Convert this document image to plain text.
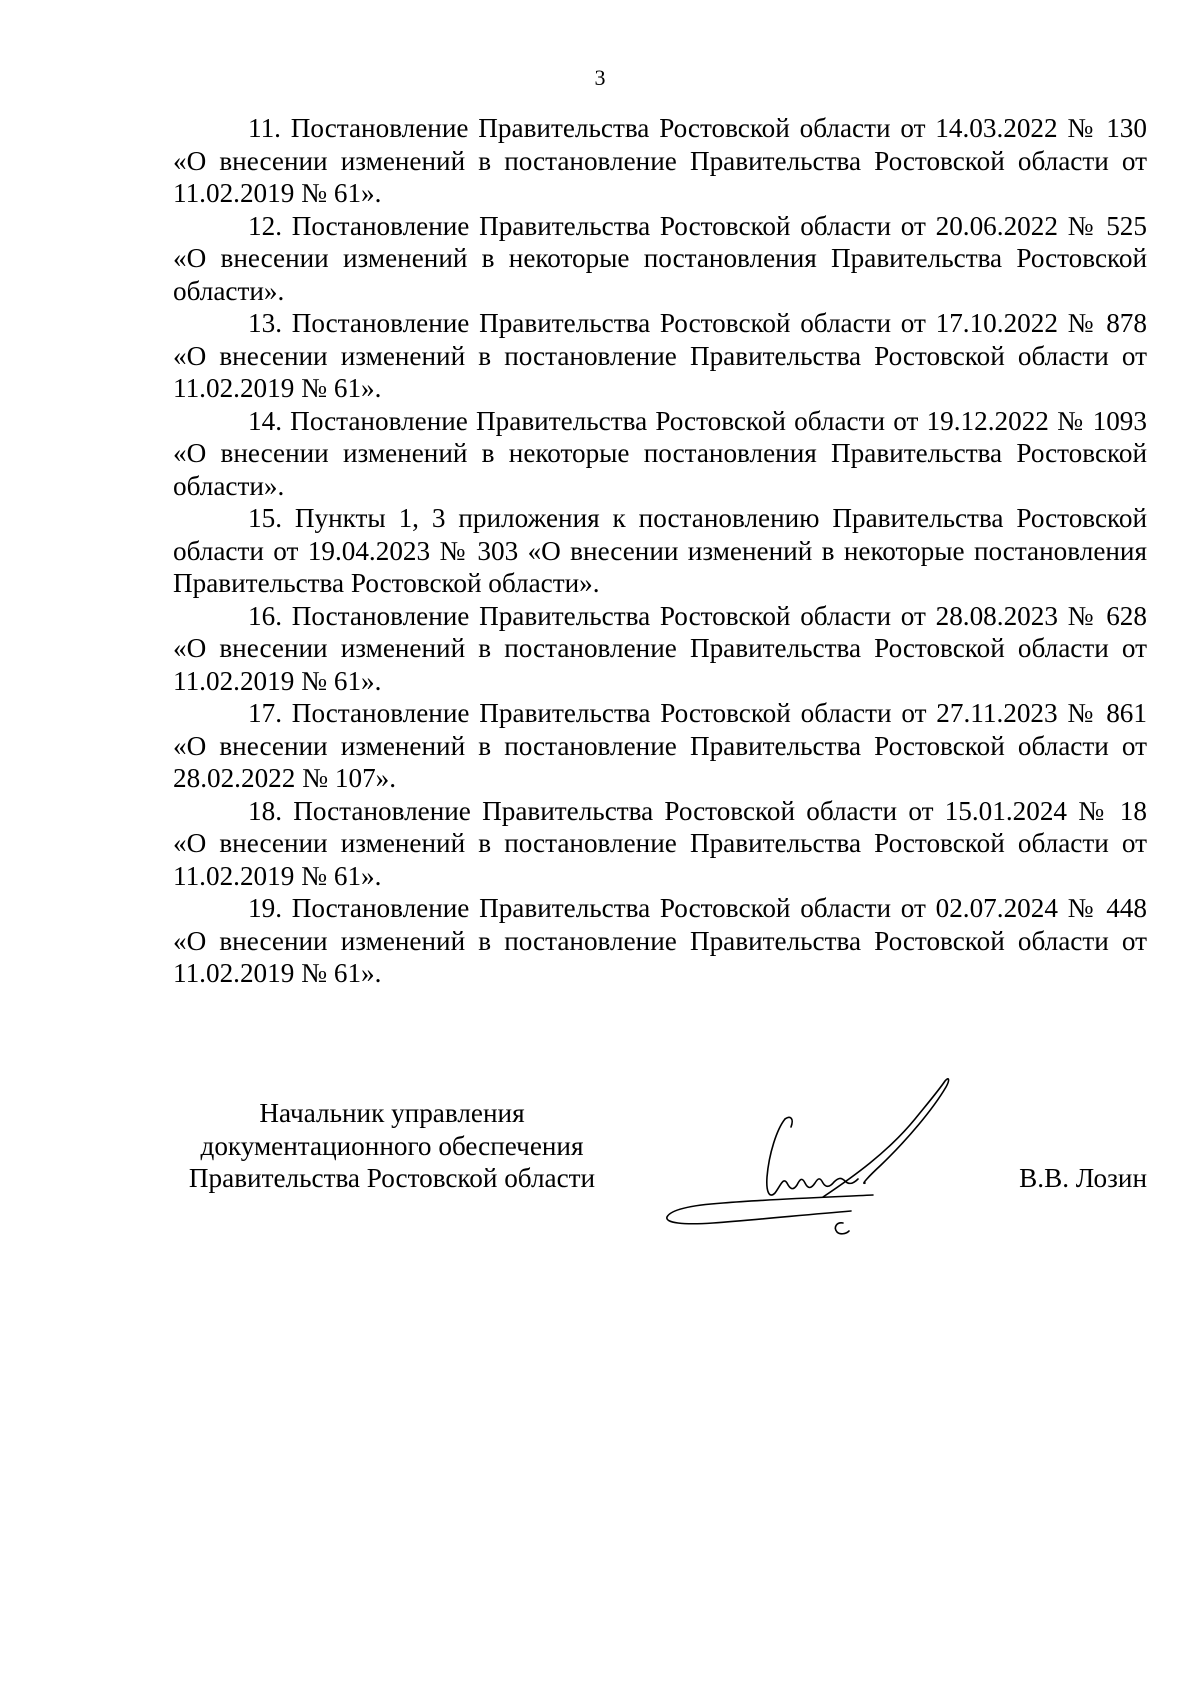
3

11. Постановление Правительства Ростовской области от 14.03.2022 № 130 «О внесении изменений в постановление Правительства Ростовской области от 11.02.2019 № 61».

12. Постановление Правительства Ростовской области от 20.06.2022 № 525 «О внесении изменений в некоторые постановления Правительства Ростовской области».

13. Постановление Правительства Ростовской области от 17.10.2022 № 878 «О внесении изменений в постановление Правительства Ростовской области от 11.02.2019 № 61».

14. Постановление Правительства Ростовской области от 19.12.2022 № 1093 «О внесении изменений в некоторые постановления Правительства Ростовской области».

15. Пункты 1, 3 приложения к постановлению Правительства Ростовской области от 19.04.2023 № 303 «О внесении изменений в некоторые постановления Правительства Ростовской области».

16. Постановление Правительства Ростовской области от 28.08.2023 № 628 «О внесении изменений в постановление Правительства Ростовской области от 11.02.2019 № 61».

17. Постановление Правительства Ростовской области от 27.11.2023 № 861 «О внесении изменений в постановление Правительства Ростовской области от 28.02.2022 № 107».

18. Постановление Правительства Ростовской области от 15.01.2024 № 18 «О внесении изменений в постановление Правительства Ростовской области от 11.02.2019 № 61».

19. Постановление Правительства Ростовской области от 02.07.2024 № 448 «О внесении изменений в постановление Правительства Ростовской области от 11.02.2019 № 61».

Начальник управления
документационного обеспечения
Правительства Ростовской области	В.В. Лозин
